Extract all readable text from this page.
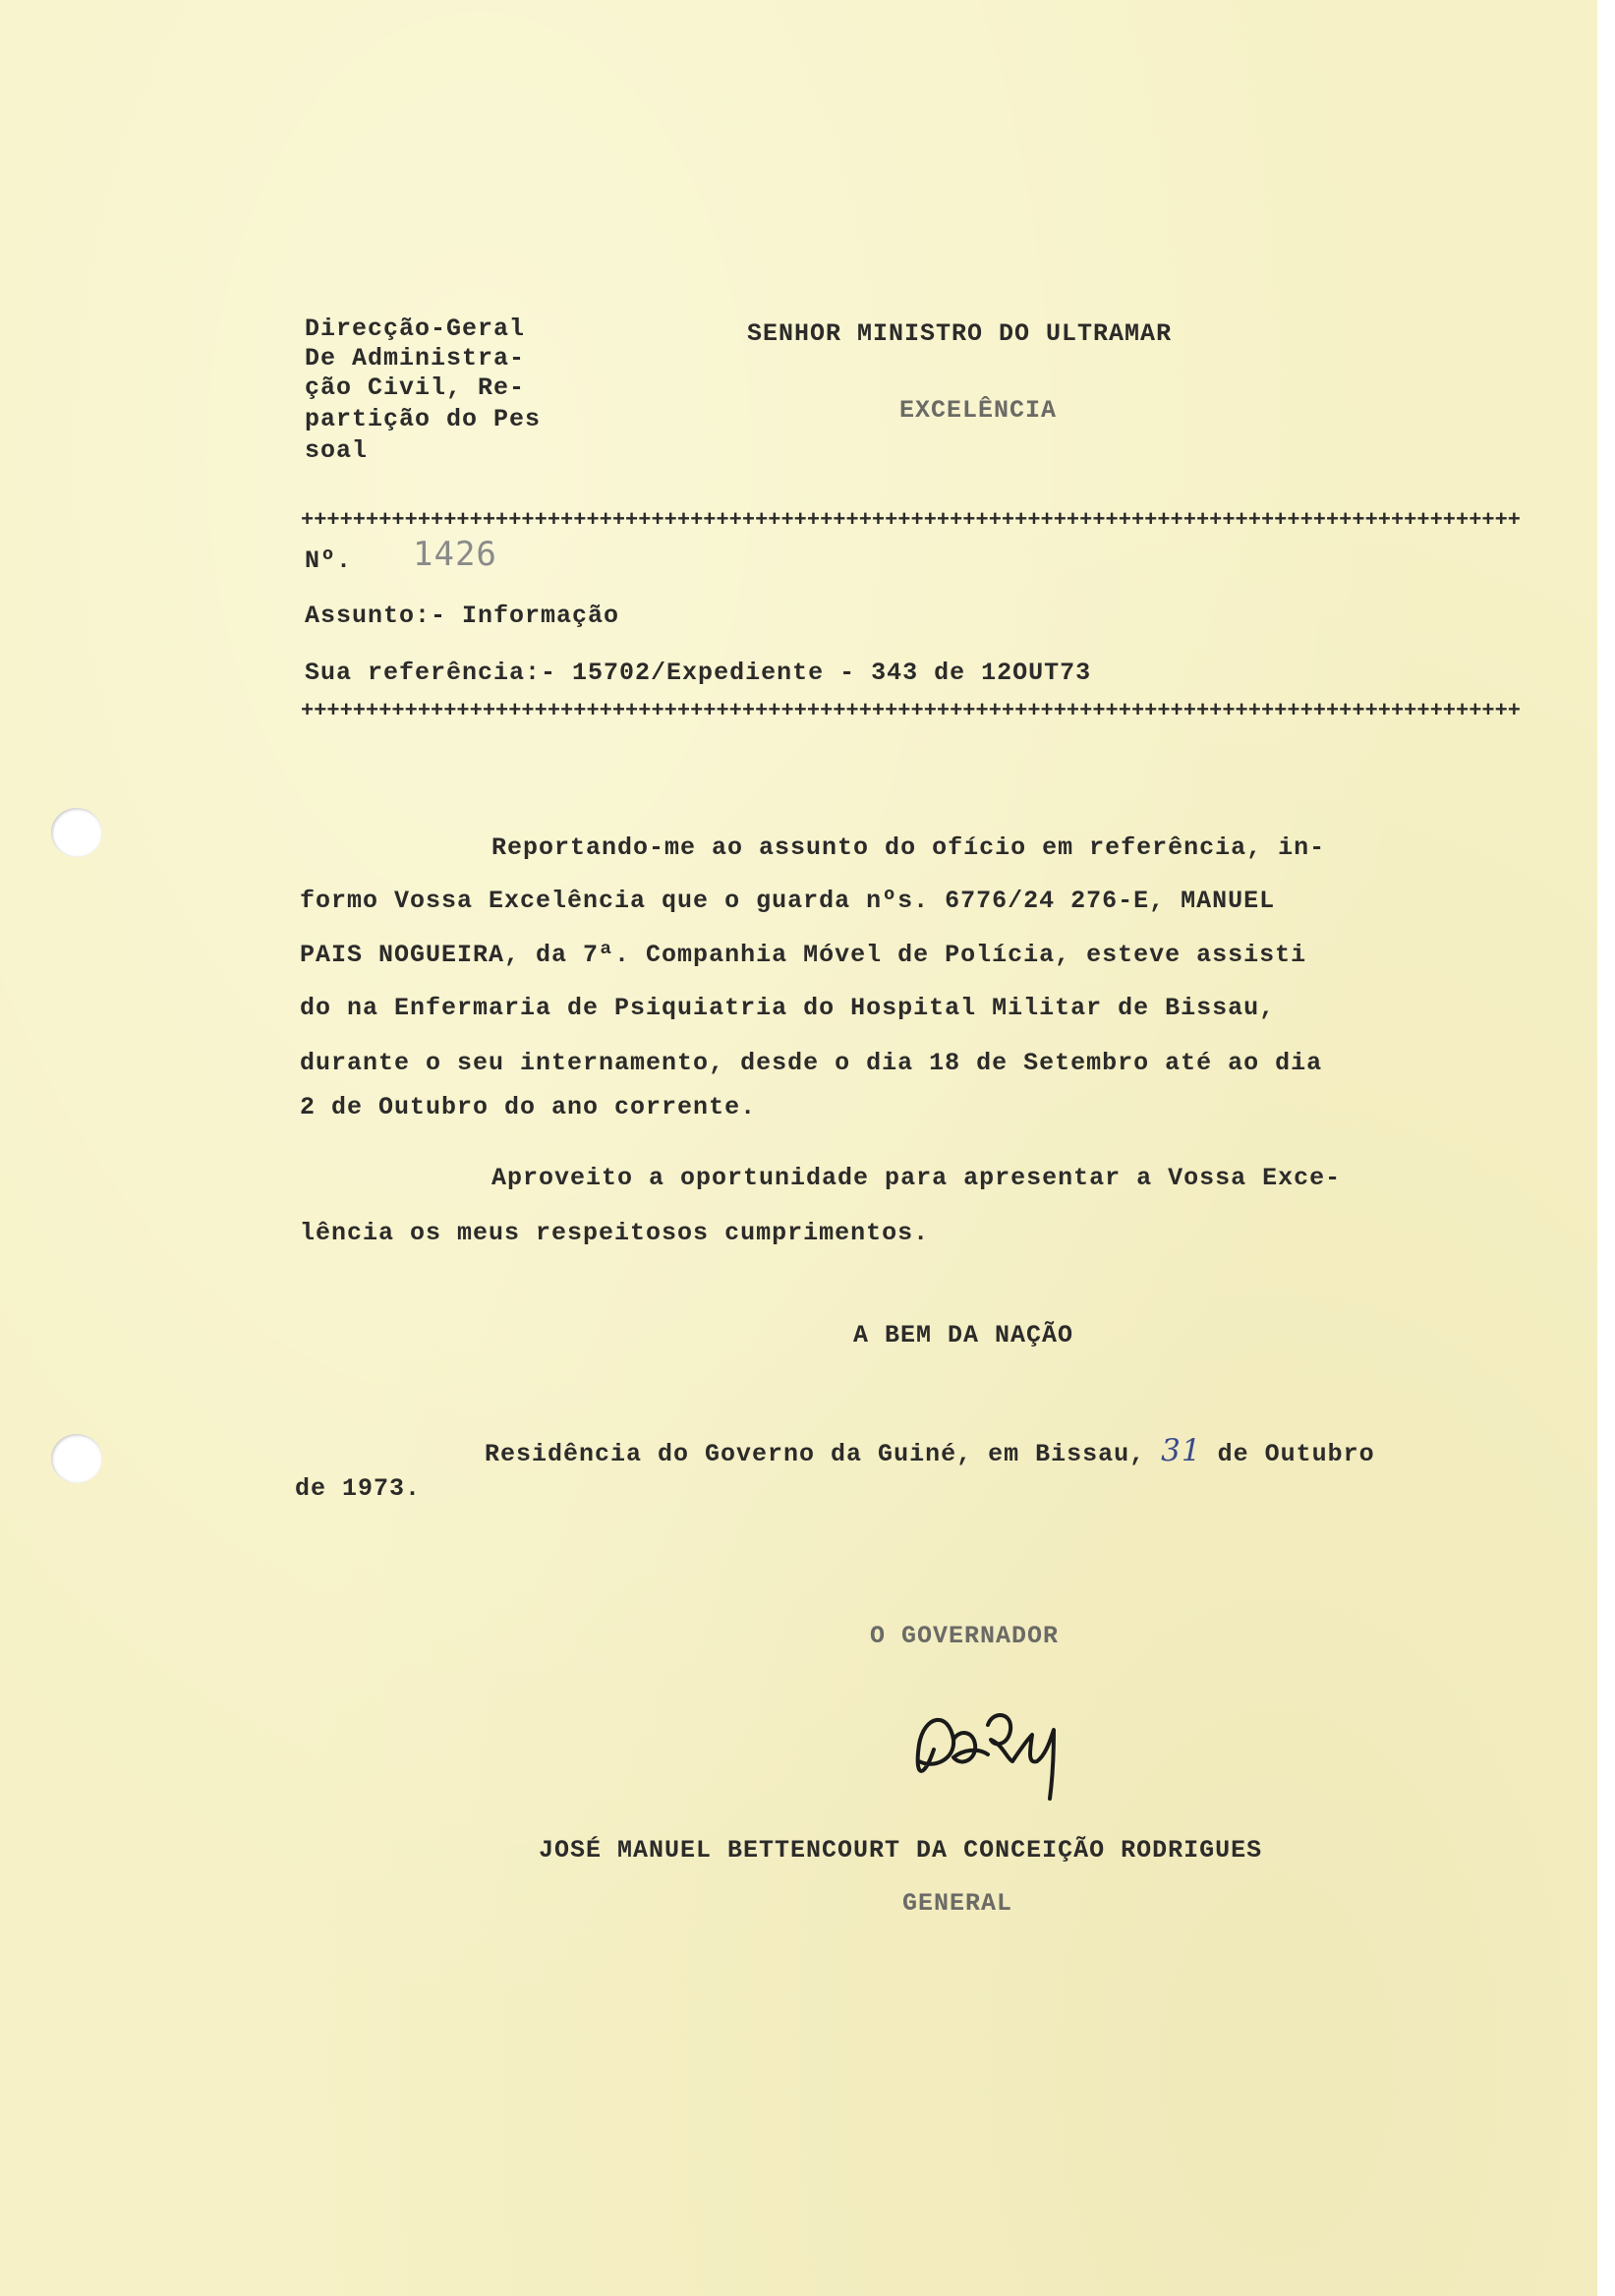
Direcção-Geral
De Administra-
ção Civil, Re-
partição do Pes
soal
SENHOR MINISTRO DO ULTRAMAR
EXCELÊNCIA
++++++++++++++++++++++++++++++++++++++++++++++++++++++++++++++++++++++++++++++++++++++++++++++
Nº. 1426
Assunto:- Informação
Sua referência:- 15702/Expediente - 343 de 12OUT73
++++++++++++++++++++++++++++++++++++++++++++++++++++++++++++++++++++++++++++++++++++++++++++++
Reportando-me ao assunto do ofício em referência, in-
formo Vossa Excelência que o guarda nºs. 6776/24 276-E, MANUEL
PAIS NOGUEIRA, da 7ª. Companhia Móvel de Polícia, esteve assisti
do na Enfermaria de Psiquiatria do Hospital Militar de Bissau,
durante o seu internamento, desde o dia 18 de Setembro até ao dia
2 de Outubro do ano corrente.
Aproveito a oportunidade para apresentar a Vossa Exce-
lência os meus respeitosos cumprimentos.
A BEM DA NAÇÃO
Residência do Governo da Guiné, em Bissau, 31 de Outubro
de 1973.
O GOVERNADOR
JOSÉ MANUEL BETTENCOURT DA CONCEIÇÃO RODRIGUES
GENERAL
